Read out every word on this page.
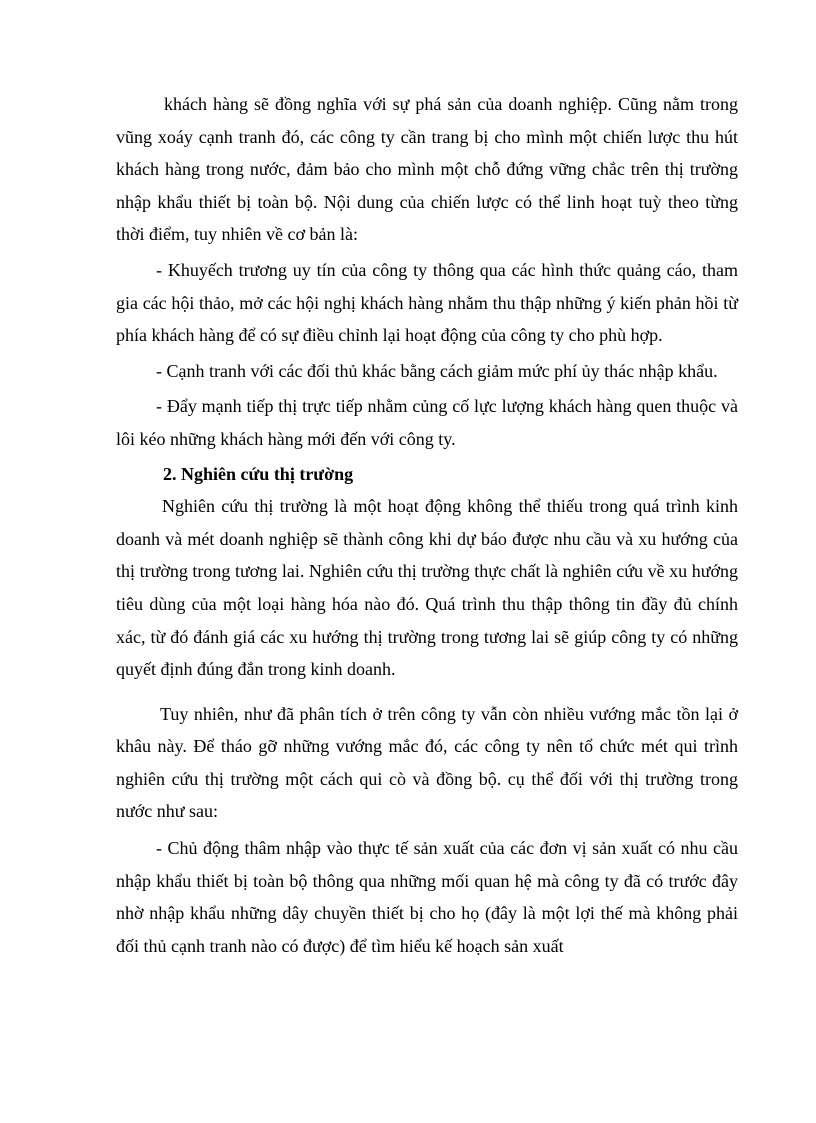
khách hàng sẽ đồng nghĩa với sự phá sản của doanh nghiệp. Cũng nằm trong vũng xoáy cạnh tranh đó, các công ty cần trang bị cho mình một chiến lược thu hút khách hàng trong nước, đảm bảo cho mình một chỗ đứng vững chắc trên thị trường nhập khẩu thiết bị toàn bộ. Nội dung của chiến lược có thể linh hoạt tuỳ theo từng thời điểm, tuy nhiên về cơ bản là:

- Khuyếch trương uy tín của công ty thông qua các hình thức quảng cáo, tham gia các hội thảo, mở các hội nghị khách hàng nhằm thu thập những ý kiến phản hồi từ phía khách hàng để có sự điều chỉnh lại hoạt động của công ty cho phù hợp.

- Cạnh tranh với các đối thủ khác bằng cách giảm mức phí ủy thác nhập khẩu.

- Đẩy mạnh tiếp thị trực tiếp nhằm củng cố lực lượng khách hàng quen thuộc và lôi kéo những khách hàng mới đến với công ty.

2. Nghiên cứu thị trường

Nghiên cứu thị trường là một hoạt động không thể thiếu trong quá trình kinh doanh và mét doanh nghiệp sẽ thành công khi dự báo được nhu cầu và xu hướng của thị trường trong tương lai. Nghiên cứu thị trường thực chất là nghiên cứu về xu hướng tiêu dùng của một loại hàng hóa nào đó. Quá trình thu thập thông tin đầy đủ chính xác, từ đó đánh giá các xu hướng thị trường trong tương lai sẽ giúp công ty có những quyết định đúng đắn trong kinh doanh.

Tuy nhiên, như đã phân tích ở trên công ty vẫn còn nhiều vướng mắc tồn lại ở khâu này. Để tháo gỡ những vướng mắc đó, các công ty nên tổ chức mét qui trình nghiên cứu thị trường một cách qui cò và đồng bộ. cụ thể đối với thị trường trong nước như sau:

- Chủ động thâm nhập vào thực tế sản xuất của các đơn vị sản xuất có nhu cầu nhập khẩu thiết bị toàn bộ thông qua những mối quan hệ mà công ty đã có trước đây nhờ nhập khẩu những dây chuyền thiết bị cho họ (đây là một lợi thế mà không phải đối thủ cạnh tranh nào có được) để tìm hiểu kế hoạch sản xuất
